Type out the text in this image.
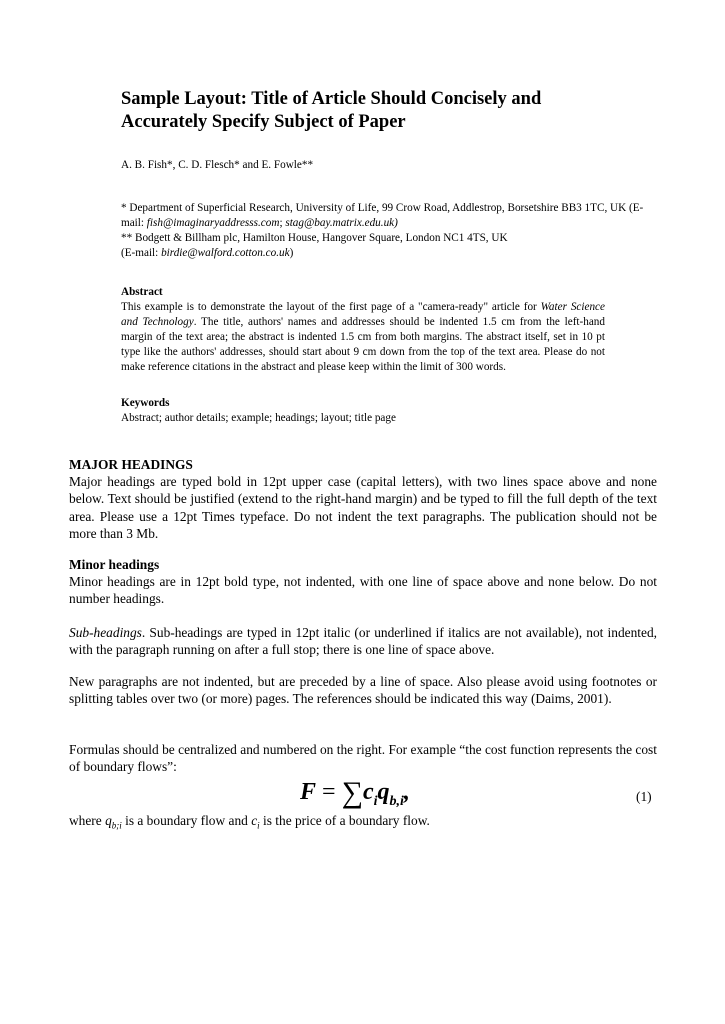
Sample Layout: Title of Article Should Concisely and Accurately Specify Subject of Paper
A. B. Fish*, C. D. Flesch* and E. Fowle**

* Department of Superficial Research, University of Life, 99 Crow Road, Addlestrop, Borsetshire BB3 1TC, UK (E-mail: fish@imaginaryaddresss.com; stag@bay.matrix.edu.uk)

** Bodgett & Billham plc, Hamilton House, Hangover Square, London NC1 4TS, UK

(E-mail: birdie@walford.cotton.co.uk)

Abstract

This example is to demonstrate the layout of the first page of a "camera-ready" article for Water Science and Technology. The title, authors' names and addresses should be indented 1.5 cm from the left-hand margin of the text area; the abstract is indented 1.5 cm from both margins. The abstract itself, set in 10 pt type like the authors' addresses, should start about 9 cm down from the top of the text area. Please do not make reference citations in the abstract and please keep within the limit of 300 words.

Keywords

Abstract; author details; example; headings; layout; title page

MAJOR HEADINGS
Major headings are typed bold in 12pt upper case (capital letters), with two lines space above and none below. Text should be justified (extend to the right-hand margin) and be typed to fill the full depth of the text area. Please use a 12pt Times typeface. Do not indent the text paragraphs. The publication should not be more than 3 Mb.

Minor headings
Minor headings are in 12pt bold type, not indented, with one line of space above and none below. Do not number headings.

Sub-headings. Sub-headings are typed in 12pt italic (or underlined if italics are not available), not indented, with the paragraph running on after a full stop; there is one line of space above.

New paragraphs are not indented, but are preceded by a line of space. Also please avoid using footnotes or splitting tables over two (or more) pages. The references should be indicated this way (Daims, 2001).

Formulas should be centralized and numbered on the right. For example “the cost function represents the cost of boundary flows”:

$F = \sum c_iq_{b,i}$,	(1)

where $q_{b;i}$ is a boundary flow and $c_i$ is the price of a boundary flow.
